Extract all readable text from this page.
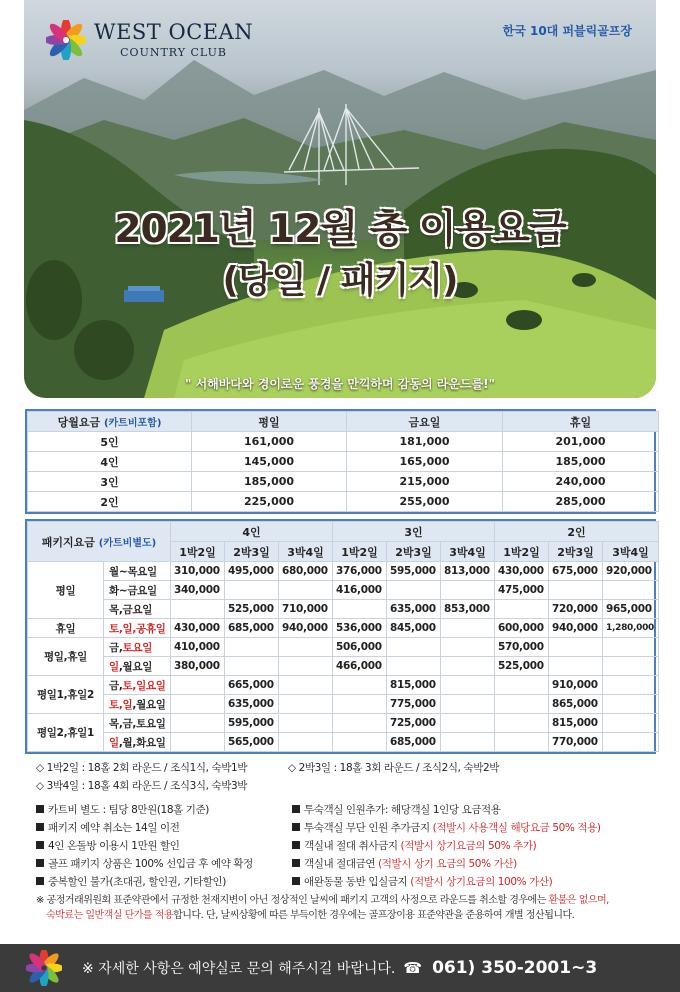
WEST OCEAN
COUNTRY CLUB
한국 10대 퍼블릭골프장
2021년 12월 총 이용요금
(당일 / 패키지)
" 서해바다와 경이로운 풍경을 만끽하며 감동의 라운드를!"
당월요금 (카트비포함)	평일	금요일	휴일
5인	161,000	181,000	201,000
4인	145,000	165,000	185,000
3인	185,000	215,000	240,000
2인	225,000	255,000	285,000
패키지요금 (카트비별도)		4인			3인			2인		
		1박2일	2박3일	3박4일	1박2일	2박3일	3박4일	1박2일	2박3일	3박4일
평일	월~목요일	310,000	495,000	680,000	376,000	595,000	813,000	430,000	675,000	920,000
	화~금요일	340,000			416,000			475,000		
	목,금요일		525,000	710,000		635,000	853,000		720,000	965,000
휴일	토,일,공휴일	430,000	685,000	940,000	536,000	845,000		600,000	940,000	1,280,000
평일,휴일	금,토요일	410,000			506,000			570,000		
	일,월요일	380,000			466,000			525,000		
평일1,휴일2	금,토,일요일		665,000			815,000			910,000	
	토,일,월요일		635,000			775,000			865,000	
평일2,휴일1	목,금,토요일		595,000			725,000			815,000	
	일,월,화요일		565,000			685,000			770,000	
◇ 1박2일 : 18홀 2회 라운드 / 조식1식, 숙박1박	◇ 2박3일 : 18홀 3회 라운드 / 조식2식, 숙박2박
◇ 3박4일 : 18홀 4회 라운드 / 조식3식, 숙박3박
카트비 별도 : 팀당 8만원(18홀 기준)
패키지 예약 취소는 14일 이전
4인 온돌방 이용시 1만원 할인
골프 패키지 상품은 100% 선입금 후 예약 확정
중복할인 불가(초대권, 할인권, 기타할인)
투숙객실 인원추가: 해당객실 1인당 요금적용
투숙객실 무단 인원 추가금지 (적발시 사용객실 해당요금 50% 적용)
객실내 절대 취사금지 (적발시 상기요금의 50% 추가)
객실내 절대금연 (적발시 상기 요금의 50% 가산)
애완동물 동반 입실금지 (적발시 상기요금의 100% 가산)
※ 공정거래위원회 표준약관에서 규정한 천재지변이 아닌 정상적인 날씨에 패키지 고객의 사정으로 라운드를 취소할 경우에는 환불은 없으며,
숙박료는 일반객실 단가를 적용합니다. 단, 날씨상황에 따른 부득이한 경우에는 골프장이용 표준약관을 준용하여 개별 정산됩니다.
※ 자세한 사항은 예약실로 문의 해주시길 바랍니다. ☎ 061) 350-2001~3
